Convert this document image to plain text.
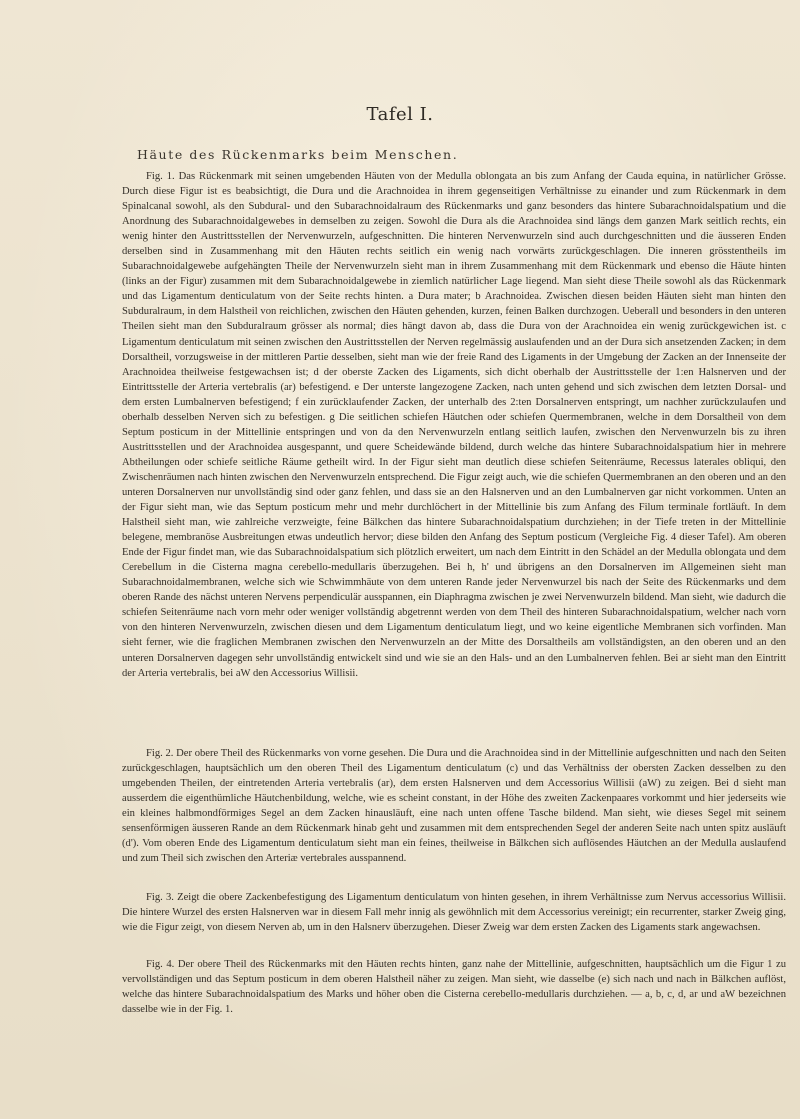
Tafel I.
Häute des Rückenmarks beim Menschen.

Fig. 1. Das Rückenmark mit seinen umgebenden Häuten von der Medulla oblongata an bis zum Anfang der Cauda equina, in natürlicher Grösse. Durch diese Figur ist es beabsichtigt, die Dura und die Arachnoidea in ihrem gegenseitigen Verhältnisse zu einander und zum Rückenmark in dem Spinalcanal sowohl, als den Subdural- und den Subarachnoidalraum des Rückenmarks und ganz besonders das hintere Subarachnoidalspatium und die Anordnung des Subarachnoidalgewebes in demselben zu zeigen. Sowohl die Dura als die Arachnoidea sind längs dem ganzen Mark seitlich rechts, ein wenig hinter den Austrittsstellen der Nervenwurzeln, aufgeschnitten. Die hinteren Nervenwurzeln sind auch durchgeschnitten und die äusseren Enden derselben sind in Zusammenhang mit den Häuten rechts seitlich ein wenig nach vorwärts zurückgeschlagen. Die inneren grösstentheils im Subarachnoidalgewebe aufgehängten Theile der Nervenwurzeln sieht man in ihrem Zusammenhang mit dem Rückenmark und ebenso die Häute hinten (links an der Figur) zusammen mit dem Subarachnoidalgewebe in ziemlich natürlicher Lage liegend. Man sieht diese Theile sowohl als das Rückenmark und das Ligamentum denticulatum von der Seite rechts hinten. a Dura mater; b Arachnoidea. Zwischen diesen beiden Häuten sieht man hinten den Subduralraum, in dem Halstheil von reichlichen, zwischen den Häuten gehenden, kurzen, feinen Balken durchzogen. Ueberall und besonders in den unteren Theilen sieht man den Subduralraum grösser als normal; dies hängt davon ab, dass die Dura von der Arachnoidea ein wenig zurückgewichen ist. c Ligamentum denticulatum mit seinen zwischen den Austrittsstellen der Nerven regelmässig auslaufenden und an der Dura sich ansetzenden Zacken; in dem Dorsaltheil, vorzugsweise in der mittleren Partie desselben, sieht man wie der freie Rand des Ligaments in der Umgebung der Zacken an der Innenseite der Arachnoidea theilweise festgewachsen ist; d der oberste Zacken des Ligaments, sich dicht oberhalb der Austrittsstelle der 1:en Halsnerven und der Eintrittsstelle der Arteria vertebralis (ar) befestigend. e Der unterste langezogene Zacken, nach unten gehend und sich zwischen dem letzten Dorsal- und dem ersten Lumbalnerven befestigend; f ein zurücklaufender Zacken, der unterhalb des 2:ten Dorsalnerven entspringt, um nachher zurückzulaufen und oberhalb desselben Nerven sich zu befestigen. g Die seitlichen schiefen Häutchen oder schiefen Quermembranen, welche in dem Dorsaltheil von dem Septum posticum in der Mittellinie entspringen und von da den Nervenwurzeln entlang seitlich laufen, zwischen den Nervenwurzeln bis zu ihren Austrittsstellen und der Arachnoidea ausgespannt, und quere Scheidewände bildend, durch welche das hintere Subarachnoidalspatium hier in mehrere Abtheilungen oder schiefe seitliche Räume getheilt wird. In der Figur sieht man deutlich diese schiefen Seitenräume, Recessus laterales obliqui, den Zwischenräumen nach hinten zwischen den Nervenwurzeln entsprechend. Die Figur zeigt auch, wie die schiefen Quermembranen an den oberen und an den unteren Dorsalnerven nur unvollständig sind oder ganz fehlen, und dass sie an den Halsnerven und an den Lumbalnerven gar nicht vorkommen. Unten an der Figur sieht man, wie das Septum posticum mehr und mehr durchlöchert in der Mittellinie bis zum Anfang des Filum terminale fortläuft. In dem Halstheil sieht man, wie zahlreiche verzweigte, feine Bälkchen das hintere Subarachnoidalspatium durchziehen; in der Tiefe treten in der Mittellinie belegene, membranöse Ausbreitungen etwas undeutlich hervor; diese bilden den Anfang des Septum posticum (Vergleiche Fig. 4 dieser Tafel). Am oberen Ende der Figur findet man, wie das Subarachnoidalspatium sich plötzlich erweitert, um nach dem Eintritt in den Schädel an der Medulla oblongata und dem Cerebellum in die Cisterna magna cerebello-medullaris überzugehen. Bei h, h' und übrigens an den Dorsalnerven im Allgemeinen sieht man Subarachnoidalmembranen, welche sich wie Schwimmhäute von dem unteren Rande jeder Nervenwurzel bis nach der Seite des Rückenmarks und dem oberen Rande des nächst unteren Nervens perpendiculär ausspannen, ein Diaphragma zwischen je zwei Nervenwurzeln bildend. Man sieht, wie dadurch die schiefen Seitenräume nach vorn mehr oder weniger vollständig abgetrennt werden von dem Theil des hinteren Subarachnoidalspatium, welcher nach vorn von den hinteren Nervenwurzeln, zwischen diesen und dem Ligamentum denticulatum liegt, und wo keine eigentliche Membranen sich vorfinden. Man sieht ferner, wie die fraglichen Membranen zwischen den Nervenwurzeln an der Mitte des Dorsaltheils am vollständigsten, an den oberen und an den unteren Dorsalnerven dagegen sehr unvollständig entwickelt sind und wie sie an den Hals- und an den Lumbalnerven fehlen. Bei ar sieht man den Eintritt der Arteria vertebralis, bei aW den Accessorius Willisii.

Fig. 2. Der obere Theil des Rückenmarks von vorne gesehen. Die Dura und die Arachnoidea sind in der Mittellinie aufgeschnitten und nach den Seiten zurückgeschlagen, hauptsächlich um den oberen Theil des Ligamentum denticulatum (c) und das Verhältniss der obersten Zacken desselben zu den umgebenden Theilen, der eintretenden Arteria vertebralis (ar), dem ersten Halsnerven und dem Accessorius Willisii (aW) zu zeigen. Bei d sieht man ausserdem die eigenthümliche Häutchenbildung, welche, wie es scheint constant, in der Höhe des zweiten Zackenpaares vorkommt und hier jederseits wie ein kleines halbmondförmiges Segel an dem Zacken hinausläuft, eine nach unten offene Tasche bildend. Man sieht, wie dieses Segel mit seinem sensenförmigen äusseren Rande an dem Rückenmark hinab geht und zusammen mit dem entsprechenden Segel der anderen Seite nach unten spitz ausläuft (d'). Vom oberen Ende des Ligamentum denticulatum sieht man ein feines, theilweise in Bälkchen sich auflösendes Häutchen an der Medulla auslaufend und zum Theil sich zwischen den Arteriæ vertebrales ausspannend.

Fig. 3. Zeigt die obere Zackenbefestigung des Ligamentum denticulatum von hinten gesehen, in ihrem Verhältnisse zum Nervus accessorius Willisii. Die hintere Wurzel des ersten Halsnerven war in diesem Fall mehr innig als gewöhnlich mit dem Accessorius vereinigt; ein recurrenter, starker Zweig ging, wie die Figur zeigt, von diesem Nerven ab, um in den Halsnerv überzugehen. Dieser Zweig war dem ersten Zacken des Ligaments stark angewachsen.

Fig. 4. Der obere Theil des Rückenmarks mit den Häuten rechts hinten, ganz nahe der Mittellinie, aufgeschnitten, hauptsächlich um die Figur 1 zu vervollständigen und das Septum posticum in dem oberen Halstheil näher zu zeigen. Man sieht, wie dasselbe (e) sich nach und nach in Bälkchen auflöst, welche das hintere Subarachnoidalspatium des Marks und höher oben die Cisterna cerebello-medullaris durchziehen. — a, b, c, d, ar und aW bezeichnen dasselbe wie in der Fig. 1.
